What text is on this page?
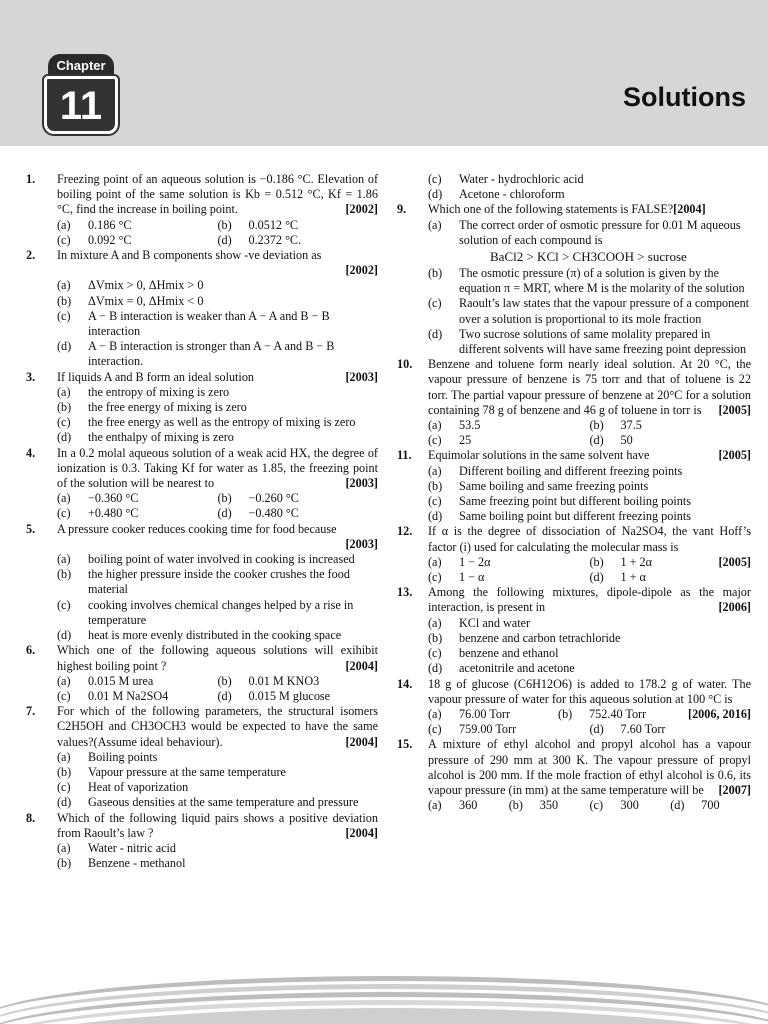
Chapter
11	Solutions
1. Freezing point of an aqueous solution is −0.186 °C. Elevation of boiling point of the same solution is Kb = 0.512 °C, Kf = 1.86 °C, find the increase in boiling point.	[2002]
(a) 0.186 °C	(b) 0.0512 °C
(c) 0.092 °C	(d) 0.2372 °C.
2. In mixture A and B components show -ve deviation as
[2002]
(a) ΔVmix > 0, ΔHmix > 0
(b) ΔVmix = 0, ΔHmix < 0
(c) A − B interaction is weaker than A − A and B − B interaction
(d) A − B interaction is stronger than A − A and B − B interaction.
3. If liquids A and B form an ideal solution	[2003]
(a) the entropy of mixing is zero
(b) the free energy of mixing is zero
(c) the free energy as well as the entropy of mixing is zero
(d) the enthalpy of mixing is zero
4. In a 0.2 molal aqueous solution of a weak acid HX, the degree of ionization is 0.3. Taking Kf for water as 1.85, the freezing point of the solution will be nearest to	[2003]
(a) −0.360 °C	(b) −0.260 °C
(c) +0.480 °C	(d) −0.480 °C
5. A pressure cooker reduces cooking time for food because
[2003]
(a) boiling point of water involved in cooking is increased
(b) the higher pressure inside the cooker crushes the food material
(c) cooking involves chemical changes helped by a rise in temperature
(d) heat is more evenly distributed in the cooking space
6. Which one of the following aqueous solutions will exihibit highest boiling point ?	[2004]
(a) 0.015 M urea	(b) 0.01 M KNO3
(c) 0.01 M Na2SO4	(d) 0.015 M glucose
7. For which of the following parameters, the structural isomers C2H5OH and CH3OCH3 would be expected to have the same values?(Assume ideal behaviour).	[2004]
(a) Boiling points
(b) Vapour pressure at the same temperature
(c) Heat of vaporization
(d) Gaseous densities at the same temperature and pressure
8. Which of the following liquid pairs shows a positive deviation from Raoult’s law ?	[2004]
(a) Water - nitric acid
(b) Benzene - methanol
(c) Water - hydrochloric acid
(d) Acetone - chloroform
9. Which one of the following statements is FALSE?[2004]
(a) The correct order of osmotic pressure for 0.01 M aqueous solution of each compound is
BaCl2 > KCl > CH3COOH > sucrose
(b) The osmotic pressure (π) of a solution is given by the equation π = MRT, where M is the molarity of the solution
(c) Raoult’s law states that the vapour pressure of a component over a solution is proportional to its mole fraction
(d) Two sucrose solutions of same molality prepared in different solvents will have same freezing point depression
10. Benzene and toluene form nearly ideal solution. At 20 °C, the vapour pressure of benzene is 75 torr and that of toluene is 22 torr. The partial vapour pressure of benzene at 20°C for a solution containing 78 g of benzene and 46 g of toluene in torr is [2005]
(a) 53.5	(b) 37.5
(c) 25	(d) 50
11. Equimolar solutions in the same solvent have	[2005]
(a) Different boiling and different freezing points
(b) Same boiling and same freezing points
(c) Same freezing point but different boiling points
(d) Same boiling point but different freezing points
12. If α is the degree of dissociation of Na2SO4, the vant Hoff’s factor (i) used for calculating the molecular mass is
(a) 1 − 2α	(b) 1 + 2α	[2005]
(c) 1 − α	(d) 1 + α
13. Among the following mixtures, dipole-dipole as the major interaction, is present in	[2006]
(a) KCl and water
(b) benzene and carbon tetrachloride
(c) benzene and ethanol
(d) acetonitrile and acetone
14. 18 g of glucose (C6H12O6) is added to 178.2 g of water. The vapour pressure of water for this aqueous solution at 100 °C is
[2006, 2016]
(a) 76.00 Torr	(b) 752.40 Torr
(c) 759.00 Torr	(d) 7.60 Torr
15. A mixture of ethyl alcohol and propyl alcohol has a vapour pressure of 290 mm at 300 K. The vapour pressure of propyl alcohol is 200 mm. If the mole fraction of ethyl alcohol is 0.6, its vapour pressure (in mm) at the same temperature will be [2007]
(a) 360	(b) 350	(c) 300	(d) 700
